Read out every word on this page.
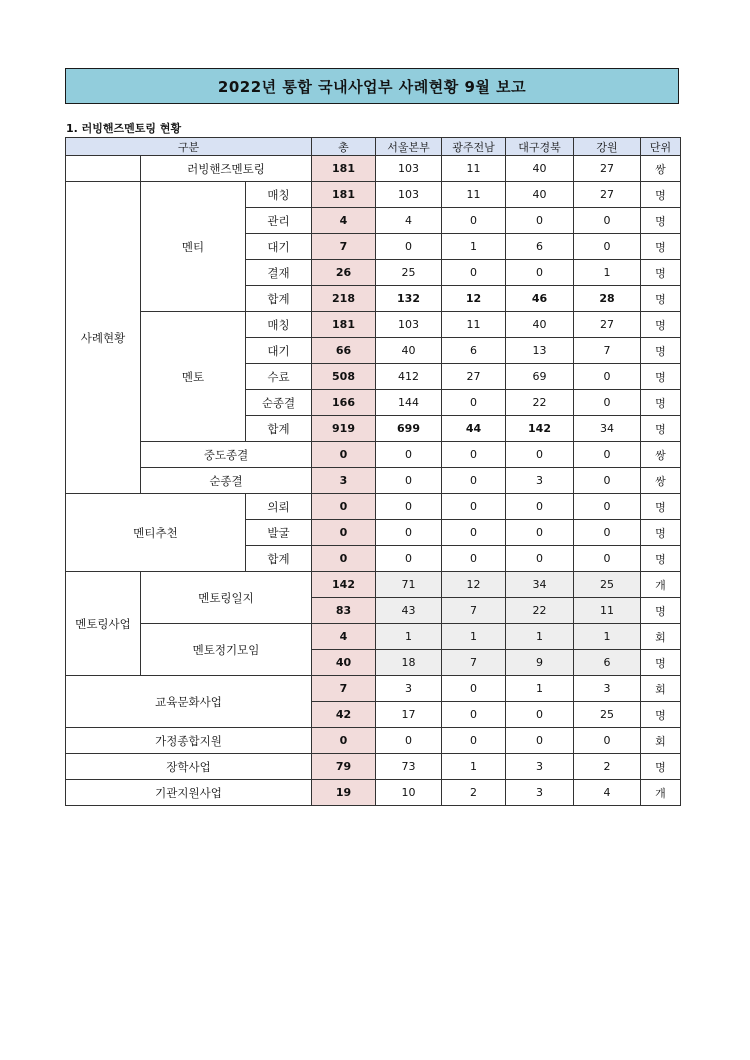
2022년 통합 국내사업부 사례현황 9월 보고
1. 러빙핸즈멘토링 현황
구분			총	서울본부	광주전남	대구경북	강원	단위
	러빙핸즈멘토링		181	103	11	40	27	쌍
사례현황	멘티	매칭	181	103	11	40	27	명
		관리	4	4	0	0	0	명
		대기	7	0	1	6	0	명
		결재	26	25	0	0	1	명
		합계	218	132	12	46	28	명
	멘토	매칭	181	103	11	40	27	명
		대기	66	40	6	13	7	명
		수료	508	412	27	69	0	명
		순종결	166	144	0	22	0	명
		합계	919	699	44	142	34	명
	중도종결		0	0	0	0	0	쌍
	순종결		3	0	0	3	0	쌍
멘티추천		의뢰	0	0	0	0	0	명
		발굴	0	0	0	0	0	명
		합계	0	0	0	0	0	명
멘토링사업	멘토링일지		142	71	12	34	25	개
			83	43	7	22	11	명
	멘토정기모임		4	1	1	1	1	회
			40	18	7	9	6	명
교육문화사업			7	3	0	1	3	회
			42	17	0	0	25	명
가정종합지원			0	0	0	0	0	회
장학사업			79	73	1	3	2	명
기관지원사업			19	10	2	3	4	개
